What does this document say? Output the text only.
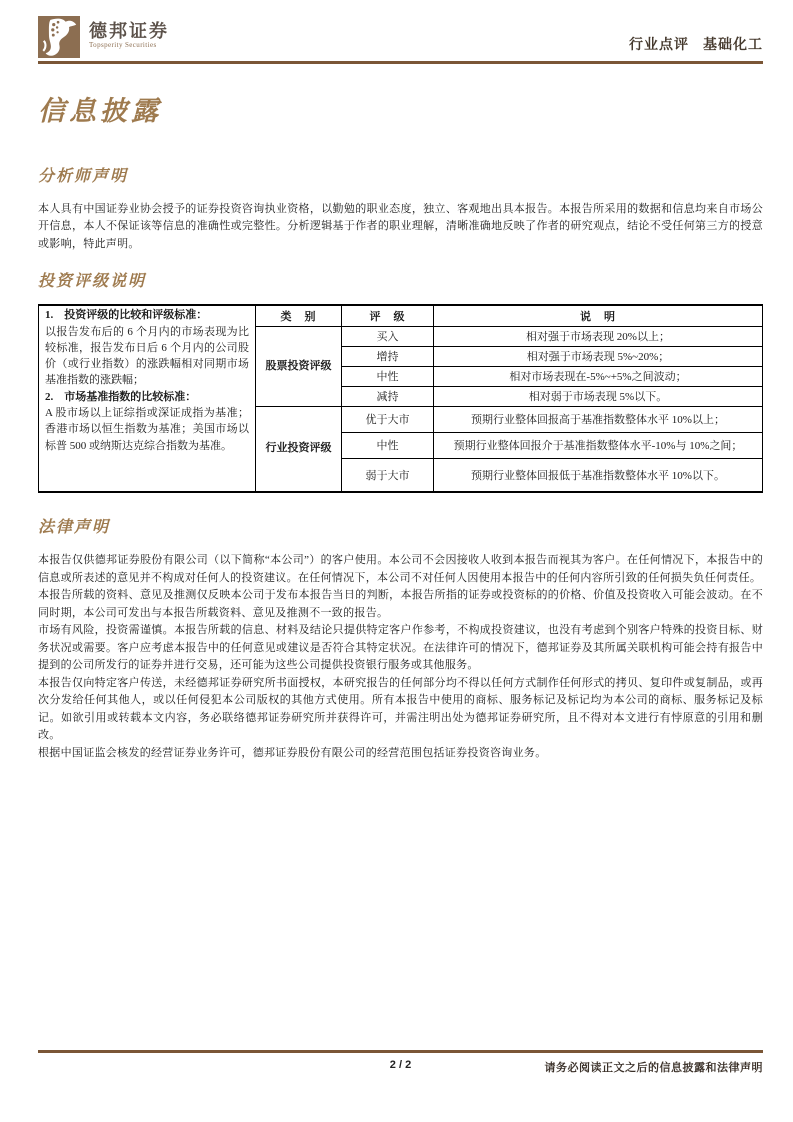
德邦证券
Topsperity Securities	行业点评 基础化工
信息披露
分析师声明

本人具有中国证券业协会授予的证券投资咨询执业资格，以勤勉的职业态度，独立、客观地出具本报告。本报告所采用的数据和信息均来自市场公开信息，本人不保证该等信息的准确性或完整性。分析逻辑基于作者的职业理解，清晰准确地反映了作者的研究观点，结论不受任何第三方的授意或影响，特此声明。

投资评级说明
1.　投资评级的比较和评级标准：
以报告发布后的 6 个月内的市场表现为比较标准，报告发布日后 6 个月内的公司股价（或行业指数）的涨跌幅相对同期市场基准指数的涨跌幅；
2.　市场基准指数的比较标准：
A 股市场以上证综指或深证成指为基准；香港市场以恒生指数为基准；美国市场以标普 500 或纳斯达克综合指数为基准。	类　别	评　级	说　明
	股票投资评级	买入	相对强于市场表现 20%以上；
		增持	相对强于市场表现 5%~20%；
		中性	相对市场表现在-5%~+5%之间波动；
		减持	相对弱于市场表现 5%以下。
	行业投资评级	优于大市	预期行业整体回报高于基准指数整体水平 10%以上；
		中性	预期行业整体回报介于基准指数整体水平-10%与 10%之间；
		弱于大市	预期行业整体回报低于基准指数整体水平 10%以下。
法律声明

本报告仅供德邦证券股份有限公司（以下简称“本公司”）的客户使用。本公司不会因接收人收到本报告而视其为客户。在任何情况下，本报告中的信息或所表述的意见并不构成对任何人的投资建议。在任何情况下，本公司不对任何人因使用本报告中的任何内容所引致的任何损失负任何责任。

本报告所载的资料、意见及推测仅反映本公司于发布本报告当日的判断，本报告所指的证券或投资标的的价格、价值及投资收入可能会波动。在不同时期，本公司可发出与本报告所载资料、意见及推测不一致的报告。

市场有风险，投资需谨慎。本报告所载的信息、材料及结论只提供特定客户作参考，不构成投资建议，也没有考虑到个别客户特殊的投资目标、财务状况或需要。客户应考虑本报告中的任何意见或建议是否符合其特定状况。在法律许可的情况下，德邦证券及其所属关联机构可能会持有报告中提到的公司所发行的证券并进行交易，还可能为这些公司提供投资银行服务或其他服务。

本报告仅向特定客户传送，未经德邦证券研究所书面授权，本研究报告的任何部分均不得以任何方式制作任何形式的拷贝、复印件或复制品，或再次分发给任何其他人，或以任何侵犯本公司版权的其他方式使用。所有本报告中使用的商标、服务标记及标记均为本公司的商标、服务标记及标记。如欲引用或转载本文内容，务必联络德邦证券研究所并获得许可，并需注明出处为德邦证券研究所，且不得对本文进行有悖原意的引用和删改。

根据中国证监会核发的经营证券业务许可，德邦证券股份有限公司的经营范围包括证券投资咨询业务。

2 / 2	请务必阅读正文之后的信息披露和法律声明
